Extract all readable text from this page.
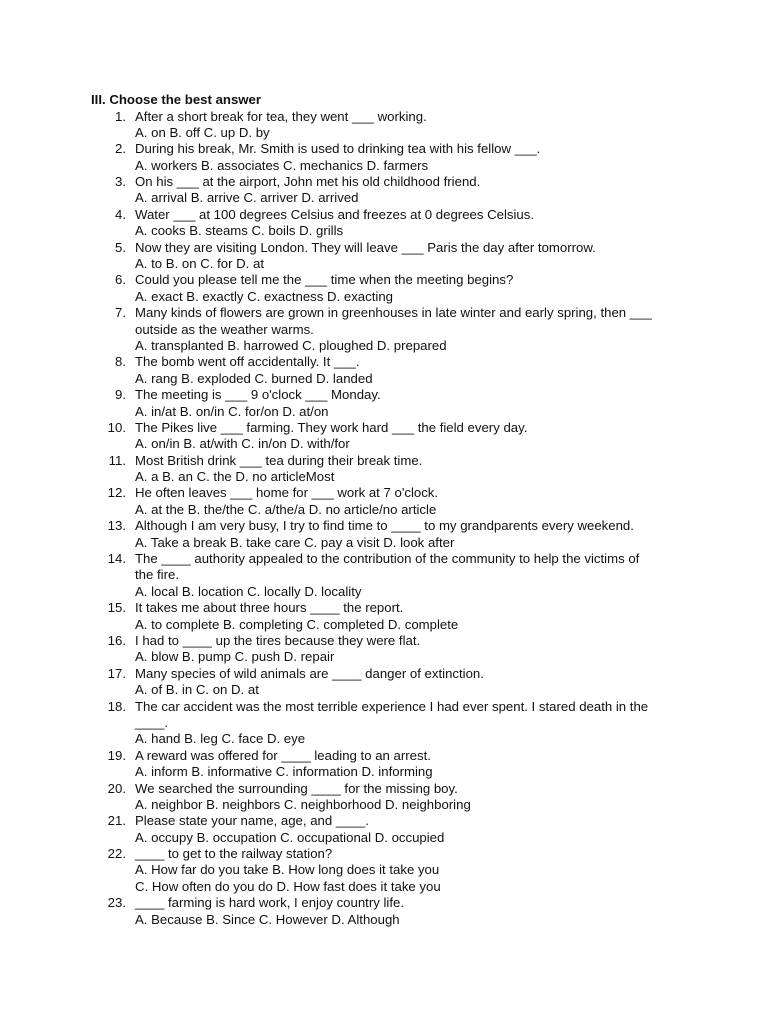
III. Choose the best answer
1. After a short break for tea, they went ___ working.
A. on B. off C. up D. by
2. During his break, Mr. Smith is used to drinking tea with his fellow ___.
A. workers B. associates C. mechanics D. farmers
3. On his ___ at the airport, John met his old childhood friend.
A. arrival B. arrive C. arriver D. arrived
4. Water ___ at 100 degrees Celsius and freezes at 0 degrees Celsius.
A. cooks B. steams C. boils D. grills
5. Now they are visiting London. They will leave ___ Paris the day after tomorrow.
A. to B. on C. for D. at
6. Could you please tell me the ___ time when the meeting begins?
A. exact B. exactly C. exactness D. exacting
7. Many kinds of flowers are grown in greenhouses in late winter and early spring, then ___
outside as the weather warms.
A. transplanted B. harrowed C. ploughed D. prepared
8. The bomb went off accidentally. It ___.
A. rang B. exploded C. burned D. landed
9. The meeting is ___ 9 o'clock ___ Monday.
A. in/at B. on/in C. for/on D. at/on
10. The Pikes live ___ farming. They work hard ___ the field every day.
A. on/in B. at/with C. in/on D. with/for
11. Most British drink ___ tea during their break time.
A. a B. an C. the D. no articleMost
12. He often leaves ___ home for ___ work at 7 o'clock.
A. at the B. the/the C. a/the/a D. no article/no article
13. Although I am very busy, I try to find time to ____ to my grandparents every weekend.
A. Take a break B. take care C. pay a visit D. look after
14. The ____ authority appealed to the contribution of the community to help the victims of
the fire.
A. local B. location C. locally D. locality
15. It takes me about three hours ____ the report.
A. to complete B. completing C. completed D. complete
16. I had to ____ up the tires because they were flat.
A. blow B. pump C. push D. repair
17. Many species of wild animals are ____ danger of extinction.
A. of B. in C. on D. at
18. The car accident was the most terrible experience I had ever spent. I stared death in the
____.
A. hand B. leg C. face D. eye
19. A reward was offered for ____ leading to an arrest.
A. inform B. informative C. information D. informing
20. We searched the surrounding ____ for the missing boy.
A. neighbor B. neighbors C. neighborhood D. neighboring
21. Please state your name, age, and ____.
A. occupy B. occupation C. occupational D. occupied
22. ____ to get to the railway station?
A. How far do you take B. How long does it take you
C. How often do you do D. How fast does it take you
23. ____ farming is hard work, I enjoy country life.
A. Because B. Since C. However D. Although
